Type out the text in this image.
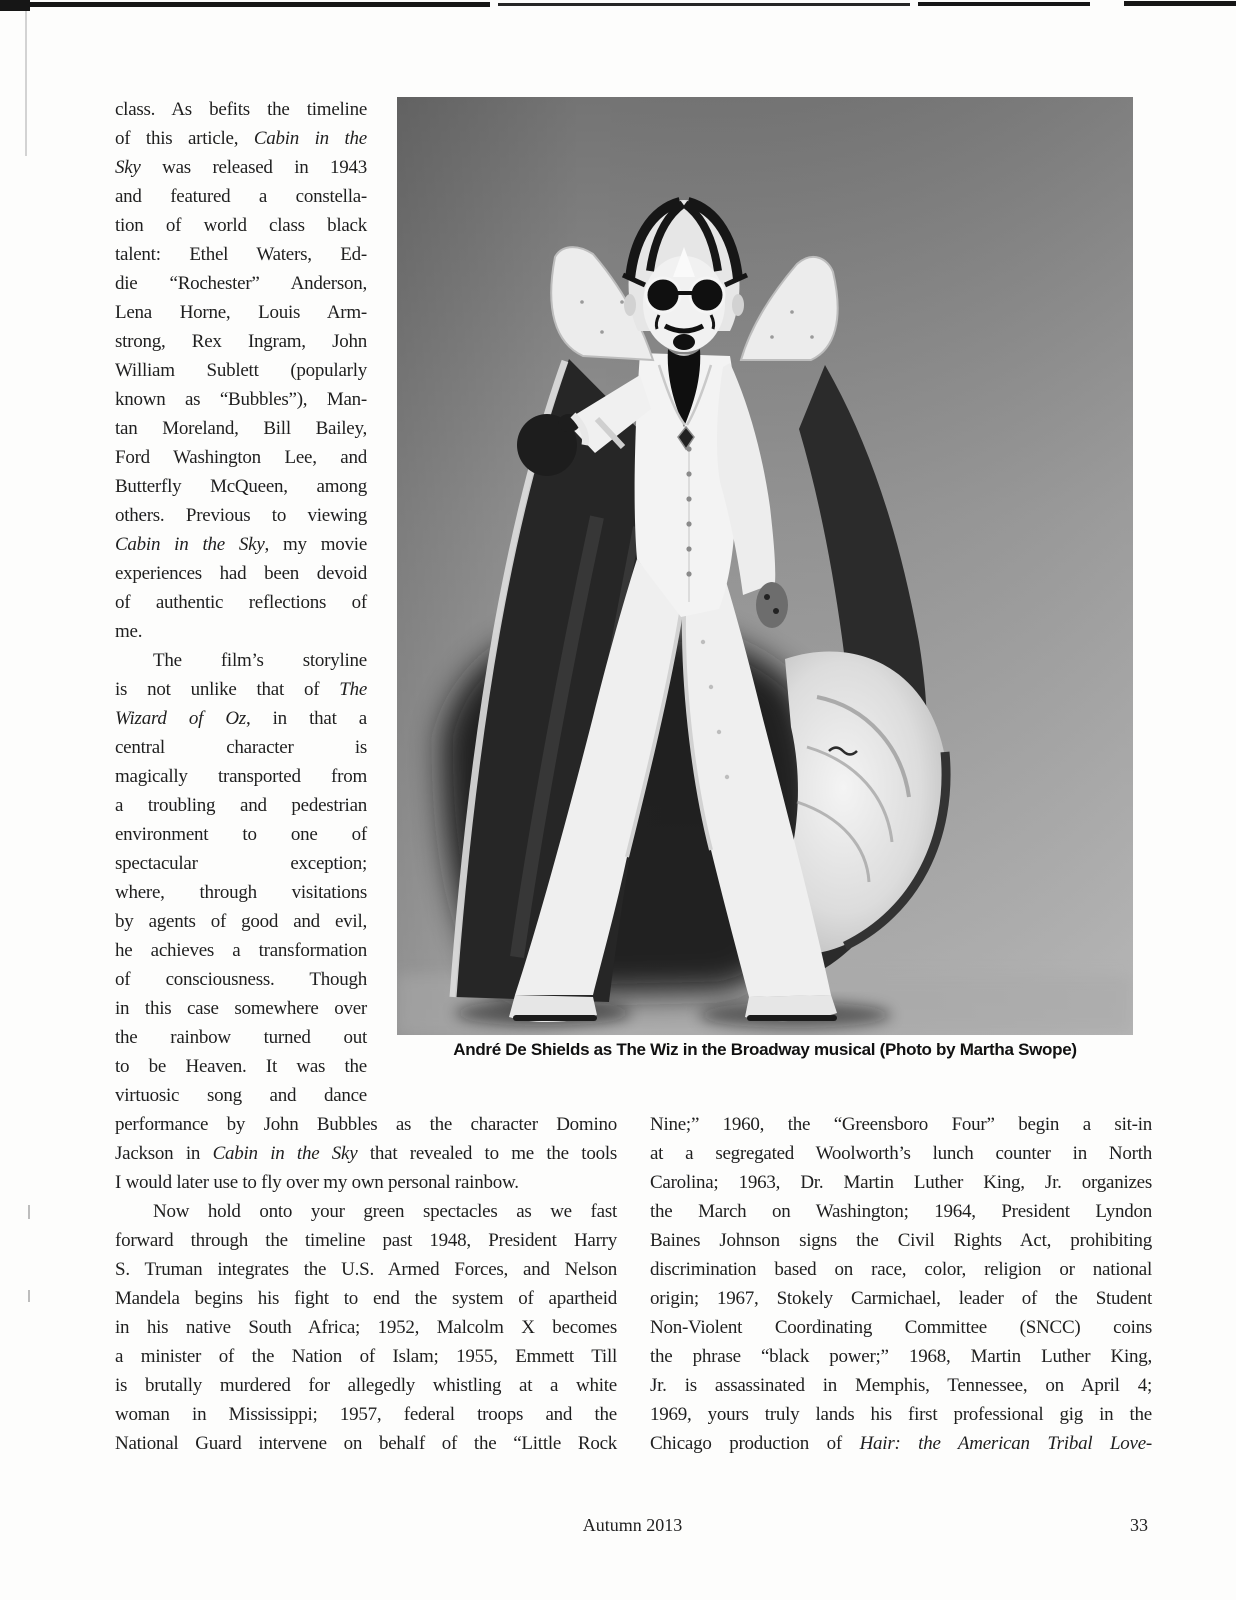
class. As befits the timeline
of this article, Cabin in the
Sky was released in 1943
and featured a constella-
tion of world class black
talent: Ethel Waters, Ed-
die “Rochester” Anderson,
Lena Horne, Louis Arm-
strong, Rex Ingram, John
William Sublett (popularly
known as “Bubbles”), Man-
tan Moreland, Bill Bailey,
Ford Washington Lee, and
Butterfly McQueen, among
others. Previous to viewing
Cabin in the Sky, my movie
experiences had been devoid
of authentic reflections of
me.
The film’s storyline
is not unlike that of The
Wizard of Oz, in that a
central character is
magically transported from
a troubling and pedestrian
environment to one of
spectacular exception;
where, through visitations
by agents of good and evil,
he achieves a transformation
of consciousness. Though
in this case somewhere over
the rainbow turned out
to be Heaven. It was the
virtuosic song and dance
André De Shields as The Wiz in the Broadway musical (Photo by Martha Swope)
performance by John Bubbles as the character Domino
Jackson in Cabin in the Sky that revealed to me the tools
I would later use to fly over my own personal rainbow.
Now hold onto your green spectacles as we fast
forward through the timeline past 1948, President Harry
S. Truman integrates the U.S. Armed Forces, and Nelson
Mandela begins his fight to end the system of apartheid
in his native South Africa; 1952, Malcolm X becomes
a minister of the Nation of Islam; 1955, Emmett Till
is brutally murdered for allegedly whistling at a white
woman in Mississippi; 1957, federal troops and the
National Guard intervene on behalf of the “Little Rock
Nine;” 1960, the “Greensboro Four” begin a sit-in
at a segregated Woolworth’s lunch counter in North
Carolina; 1963, Dr. Martin Luther King, Jr. organizes
the March on Washington; 1964, President Lyndon
Baines Johnson signs the Civil Rights Act, prohibiting
discrimination based on race, color, religion or national
origin; 1967, Stokely Carmichael, leader of the Student
Non-Violent Coordinating Committee (SNCC) coins
the phrase “black power;” 1968, Martin Luther King,
Jr. is assassinated in Memphis, Tennessee, on April 4;
1969, yours truly lands his first professional gig in the
Chicago production of Hair: the American Tribal Love-
Autumn 2013	33
